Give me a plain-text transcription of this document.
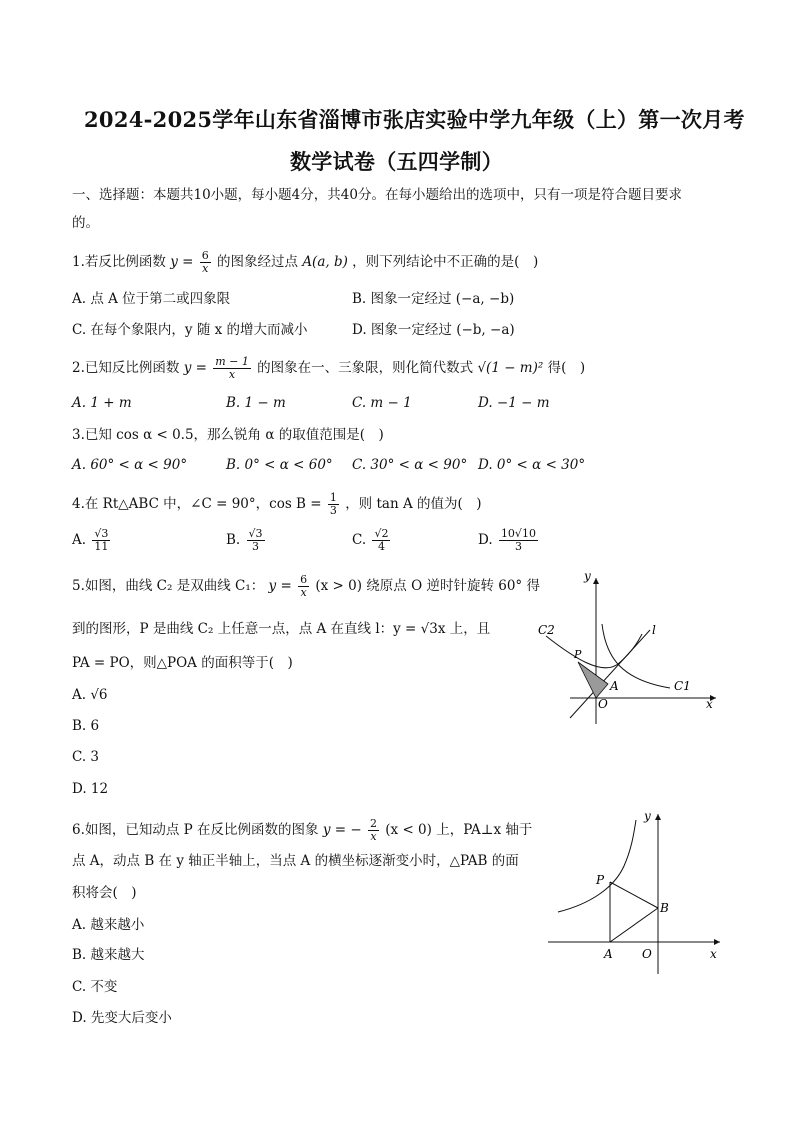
2024-2025学年山东省淄博市张店实验中学九年级（上）第一次月考
数学试卷（五四学制）
一、选择题：本题共10小题，每小题4分，共40分。在每小题给出的选项中，只有一项是符合题目要求
的。
1.若反比例函数 $y = \frac{6}{x}$ 的图象经过点 A(a, b) ，则下列结论中不正确的是(　)
A. 点 A 位于第二或四象限	B. 图象一定经过 (−a, −b)
C. 在每个象限内，y 随 x 的增大而减小	D. 图象一定经过 (−b, −a)
2.已知反比例函数 $y = \frac{m - 1}{x}$ 的图象在一、三象限，则化简代数式 √(1 − m)² 得(　)
A. 1 + m	B. 1 − m	C. m − 1	D. −1 − m
3.已知 cos α < 0.5，那么锐角 α 的取值范围是(　)
A. 60° < α < 90°	B. 0° < α < 60° C. 30° < α < 90° D. 0° < α < 30°
4.在 Rt△ABC 中，∠C = 90°，$\cos B = \frac{1}{3}$ ，则 tan A 的值为(　)
A. $\frac{√3}{11}$	B. $\frac{√3}{3}$	C. $\frac{√2}{4}$	D. $\frac{10√10}{3}$
5.如图，曲线 C₂ 是双曲线 C₁： $y = \frac{6}{x} (x > 0)$ 绕原点 O 逆时针旋转 60° 得
到的图形，P 是曲线 C₂ 上任意一点，点 A 在直线 l：y = √3x 上，且
PA = PO，则△POA 的面积等于(　)
A. √6
B. 6
C. 3
D. 12
y
x
O
C2
C1
l
P
A
6.如图，已知动点 P 在反比例函数的图象 y = − $\frac{2}{x} (x < 0)$ 上，PA⊥x 轴于
点 A，动点 B 在 y 轴正半轴上，当点 A 的横坐标逐渐变小时，△PAB 的面
积将会(　)
A. 越来越小
B. 越来越大
C. 不变
D. 先变大后变小
y
x
O
P
A
B
